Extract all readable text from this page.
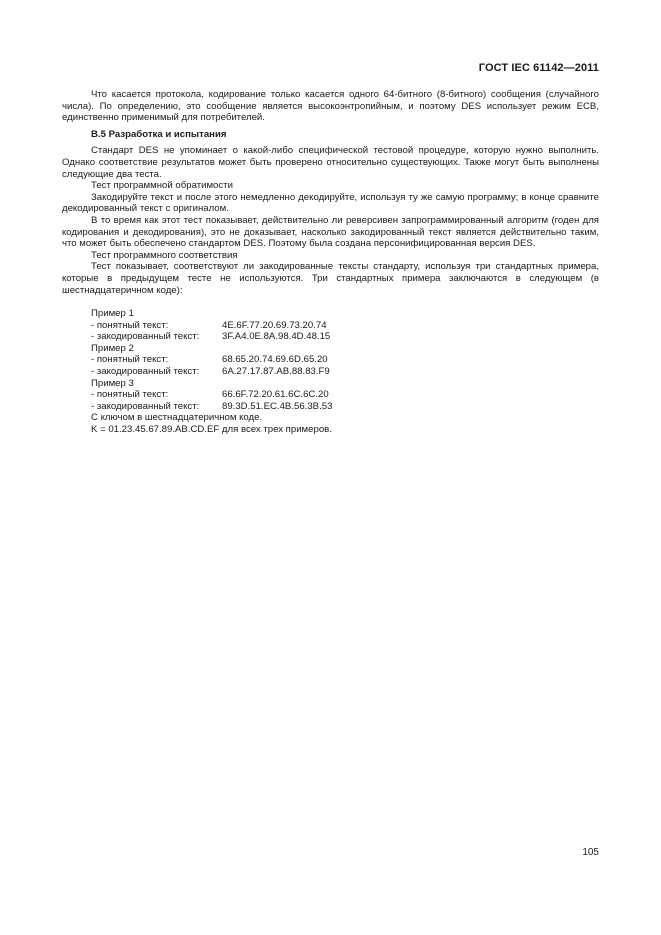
ГОСТ IEC 61142—2011

Что касается протокола, кодирование только касается одного 64-битного (8-битного) сообщения (случайного числа). По определению, это сообщение является высокоэнтропийным, и поэтому DES использует режим ЕСВ, единственно применимый для потребителей.

В.5 Разработка и испытания

Стандарт DES не упоминает о какой-либо специфической тестовой процедуре, которую нужно выполнить. Однако соответствие результатов может быть проверено относительно существующих. Также могут быть выполнены следующие два теста.

Тест программной обратимости

Закодируйте текст и после этого немедленно декодируйте, используя ту же самую программу; в конце сравните декодированный текст с оригиналом.

В то время как этот тест показывает, действительно ли реверсивен запрограммированный алгоритм (годен для кодирования и декодирования), это не доказывает, насколько закодированный текст является действительно таким, что может быть обеспечено стандартом DES. Поэтому была создана персонифицированная версия DES.

Тест программного соответствия

Тест показывает, соответствуют ли закодированные тексты стандарту, используя три стандартных примера, которые в предыдущем тесте не используются. Три стандартных примера заключаются в следующем (в шестнадцатеричном коде):

Пример 1
- понятный текст:	4E.6F.77.20.69.73.20.74
- закодированный текст:	3F.A4.0E.8A.98.4D.48.15
Пример 2
- понятный текст:	68.65.20.74.69.6D.65.20
- закодированный текст:	6A.27.17.87.AB.88.83.F9
Пример 3
- понятный текст:	66.6F.72.20.61.6C.6C.20
- закодированный текст:	89.3D.51.EC.4B.56.3B.53
С ключом в шестнадцатеричном коде.
K = 01.23.45.67.89.AB.CD.EF для всех трех примеров.
105
